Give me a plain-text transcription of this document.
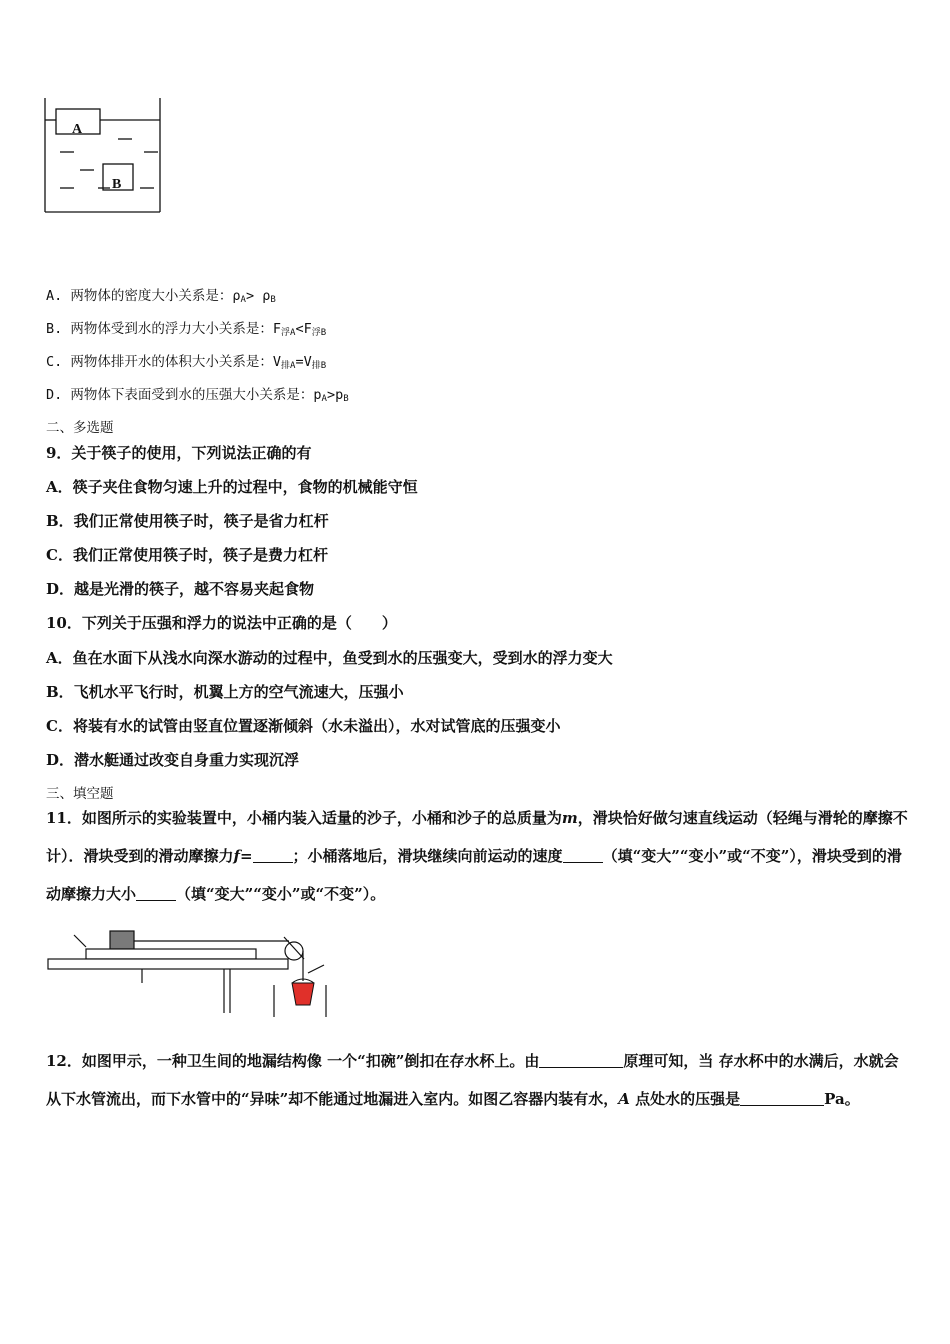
A
B
A. 两物体的密度大小关系是：$\rho_A> \rho_B$
B. 两物体受到水的浮力大小关系是：$F_{浮A}<F_{浮B}$
C. 两物体排开水的体积大小关系是：$V_{排A}=V_{排B}$
D. 两物体下表面受到水的压强大小关系是：$p_A>p_B$
二、多选题
9．关于筷子的使用，下列说法正确的有
A．筷子夹住食物匀速上升的过程中，食物的机械能守恒
B．我们正常使用筷子时，筷子是省力杠杆
C．我们正常使用筷子时，筷子是费力杠杆
D．越是光滑的筷子，越不容易夹起食物
10．下列关于压强和浮力的说法中正确的是（　　）
A．鱼在水面下从浅水向深水游动的过程中，鱼受到水的压强变大，受到水的浮力变大
B．飞机水平飞行时，机翼上方的空气流速大，压强小
C．将装有水的试管由竖直位置逐渐倾斜（水未溢出），水对试管底的压强变小
D．潜水艇通过改变自身重力实现沉浮
三、填空题
11．如图所示的实验装置中，小桶内装入适量的沙子，小桶和沙子的总质量为m，滑块恰好做匀速直线运动（轻绳与滑轮的摩擦不计）．滑块受到的滑动摩擦力f=	；小桶落地后，滑块继续向前运动的速度	（填“变大”“变小”或“不变”），滑块受到的滑动摩擦力大小	（填“变大”“变小”或“不变”）。
12．如图甲示，一种卫生间的地漏结构像 一个“扣碗”倒扣在存水杯上。由	原理可知，当 存水杯中的水满后，水就会从下水管流出，而下水管中的“异味”却不能通过地漏进入室内。如图乙容器内装有水，A 点处水的压强是	Pa。
